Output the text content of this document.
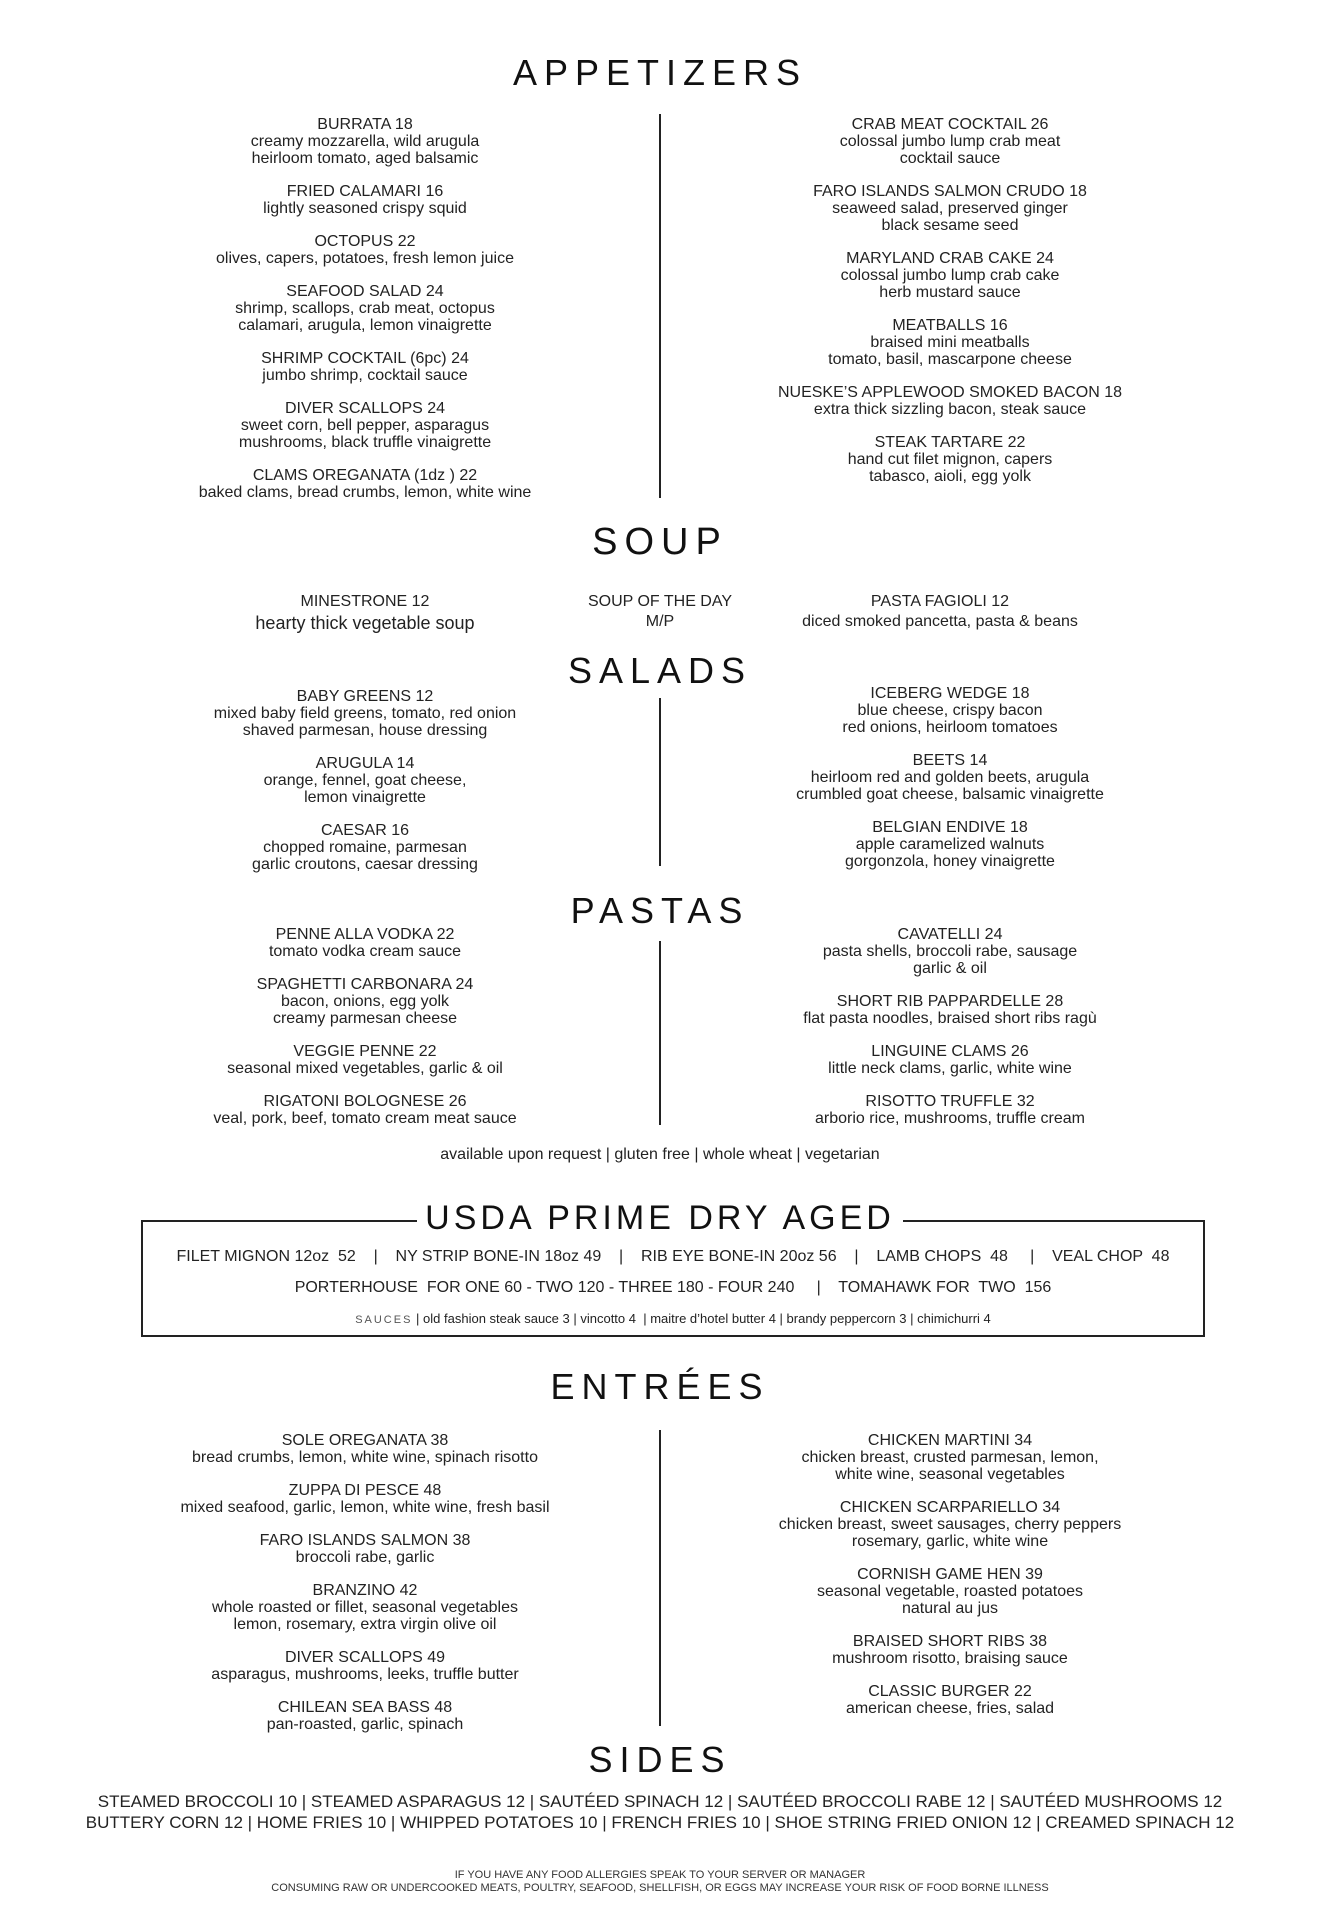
APPETIZERS
BURRATA 18
creamy mozzarella, wild arugula
heirloom tomato, aged balsamic
FRIED CALAMARI 16
lightly seasoned crispy squid
OCTOPUS 22
olives, capers, potatoes, fresh lemon juice
SEAFOOD SALAD 24
shrimp, scallops, crab meat, octopus
calamari, arugula, lemon vinaigrette
SHRIMP COCKTAIL (6pc) 24
jumbo shrimp, cocktail sauce
DIVER SCALLOPS 24
sweet corn, bell pepper, asparagus
mushrooms, black truffle vinaigrette
CLAMS OREGANATA (1dz ) 22
baked clams, bread crumbs, lemon, white wine
CRAB MEAT COCKTAIL 26
colossal jumbo lump crab meat
cocktail sauce
FARO ISLANDS SALMON CRUDO 18
seaweed salad, preserved ginger
black sesame seed
MARYLAND CRAB CAKE 24
colossal jumbo lump crab cake
herb mustard sauce
MEATBALLS 16
braised mini meatballs
tomato, basil, mascarpone cheese
NUESKE’S APPLEWOOD SMOKED BACON 18
extra thick sizzling bacon, steak sauce
STEAK TARTARE 22
hand cut filet mignon, capers
tabasco, aioli, egg yolk
SOUP
MINESTRONE 12
hearty thick vegetable soup
SOUP OF THE DAY
M/P
PASTA FAGIOLI 12
diced smoked pancetta, pasta & beans
SALADS
BABY GREENS 12
mixed baby field greens, tomato, red onion
shaved parmesan, house dressing
ARUGULA 14
orange, fennel, goat cheese,
lemon vinaigrette
CAESAR 16
chopped romaine, parmesan
garlic croutons, caesar dressing
ICEBERG WEDGE 18
blue cheese, crispy bacon
red onions, heirloom tomatoes
BEETS 14
heirloom red and golden beets, arugula
crumbled goat cheese, balsamic vinaigrette
BELGIAN ENDIVE 18
apple caramelized walnuts
gorgonzola, honey vinaigrette
PASTAS
PENNE ALLA VODKA 22
tomato vodka cream sauce
SPAGHETTI CARBONARA 24
bacon, onions, egg yolk
creamy parmesan cheese
VEGGIE PENNE 22
seasonal mixed vegetables, garlic & oil
RIGATONI BOLOGNESE 26
veal, pork, beef, tomato cream meat sauce
CAVATELLI 24
pasta shells, broccoli rabe, sausage
garlic & oil
SHORT RIB PAPPARDELLE 28
flat pasta noodles, braised short ribs ragù
LINGUINE CLAMS 26
little neck clams, garlic, white wine
RISOTTO TRUFFLE 32
arborio rice, mushrooms, truffle cream
available upon request | gluten free | whole wheat | vegetarian
USDA PRIME DRY AGED
FILET MIGNON 12oz  52    |    NY STRIP BONE-IN 18oz 49    |    RIB EYE BONE-IN 20oz 56    |    LAMB CHOPS  48     |    VEAL CHOP  48
PORTERHOUSE  FOR ONE 60 - TWO 120 - THREE 180 - FOUR 240     |    TOMAHAWK FOR  TWO  156
SAUCES | old fashion steak sauce 3 | vincotto 4  | maitre d’hotel butter 4 | brandy peppercorn 3 | chimichurri 4
ENTRÉES
SOLE OREGANATA 38
bread crumbs, lemon, white wine, spinach risotto
ZUPPA DI PESCE 48
mixed seafood, garlic, lemon, white wine, fresh basil
FARO ISLANDS SALMON 38
broccoli rabe, garlic
BRANZINO 42
whole roasted or fillet, seasonal vegetables
lemon, rosemary, extra virgin olive oil
DIVER SCALLOPS 49
asparagus, mushrooms, leeks, truffle butter
CHILEAN SEA BASS 48
pan-roasted, garlic, spinach
CHICKEN MARTINI 34
chicken breast, crusted parmesan, lemon,
white wine, seasonal vegetables
CHICKEN SCARPARIELLO 34
chicken breast, sweet sausages, cherry peppers
rosemary, garlic, white wine
CORNISH GAME HEN 39
seasonal vegetable, roasted potatoes
natural au jus
BRAISED SHORT RIBS 38
mushroom risotto, braising sauce
CLASSIC BURGER 22
american cheese, fries, salad
SIDES
STEAMED BROCCOLI 10 | STEAMED ASPARAGUS 12 | SAUTÉED SPINACH 12 | SAUTÉED BROCCOLI RABE 12 | SAUTÉED MUSHROOMS 12
BUTTERY CORN 12 | HOME FRIES 10 | WHIPPED POTATOES 10 | FRENCH FRIES 10 | SHOE STRING FRIED ONION 12 | CREAMED SPINACH 12
IF YOU HAVE ANY FOOD ALLERGIES SPEAK TO YOUR SERVER OR MANAGER
CONSUMING RAW OR UNDERCOOKED MEATS, POULTRY, SEAFOOD, SHELLFISH, OR EGGS MAY INCREASE YOUR RISK OF FOOD BORNE ILLNESS
